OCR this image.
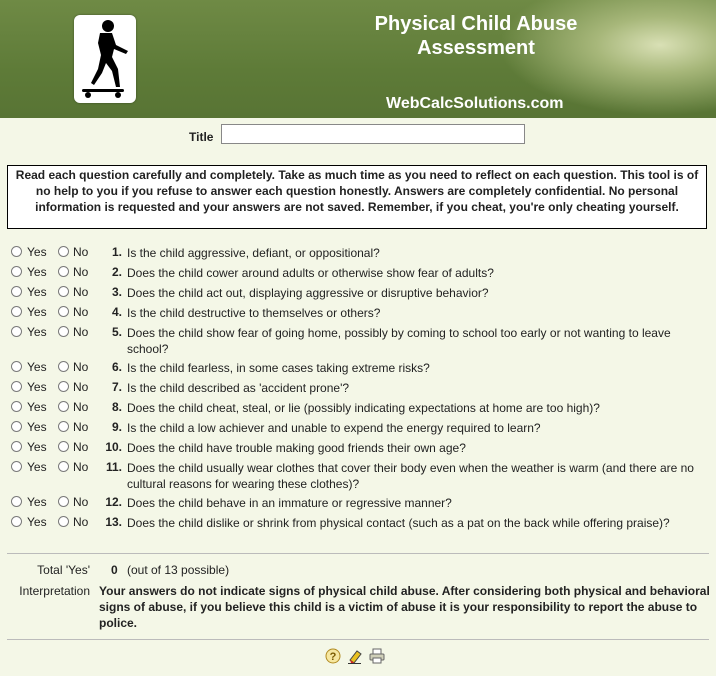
Physical Child Abuse
Assessment
WebCalcSolutions.com
Title
Read each question carefully and completely. Take as much time as you need to reflect on each question. This tool is of no help to you if you refuse to answer each question honestly. Answers are completely confidential. No personal information is requested and your answers are not saved. Remember, if you cheat, you're only cheating yourself.
Yes No	1. Is the child aggressive, defiant, or oppositional?
Yes No	2. Does the child cower around adults or otherwise show fear of adults?
Yes No	3. Does the child act out, displaying aggressive or disruptive behavior?
Yes No	4. Is the child destructive to themselves or others?
Yes No	5. Does the child show fear of going home, possibly by coming to school too early or not wanting to leave school?
Yes No	6. Is the child fearless, in some cases taking extreme risks?
Yes No	7. Is the child described as 'accident prone'?
Yes No	8. Does the child cheat, steal, or lie (possibly indicating expectations at home are too high)?
Yes No	9. Is the child a low achiever and unable to expend the energy required to learn?
Yes No	10. Does the child have trouble making good friends their own age?
Yes No	11. Does the child usually wear clothes that cover their body even when the weather is warm (and there are no cultural reasons for wearing these clothes)?
Yes No	12. Does the child behave in an immature or regressive manner?
Yes No	13. Does the child dislike or shrink from physical contact (such as a pat on the back while offering praise)?
Total 'Yes' 0 (out of 13 possible)
Interpretation Your answers do not indicate signs of physical child abuse. After considering both physical and behavioral signs of abuse, if you believe this child is a victim of abuse it is your responsibility to report the abuse to police.
?
